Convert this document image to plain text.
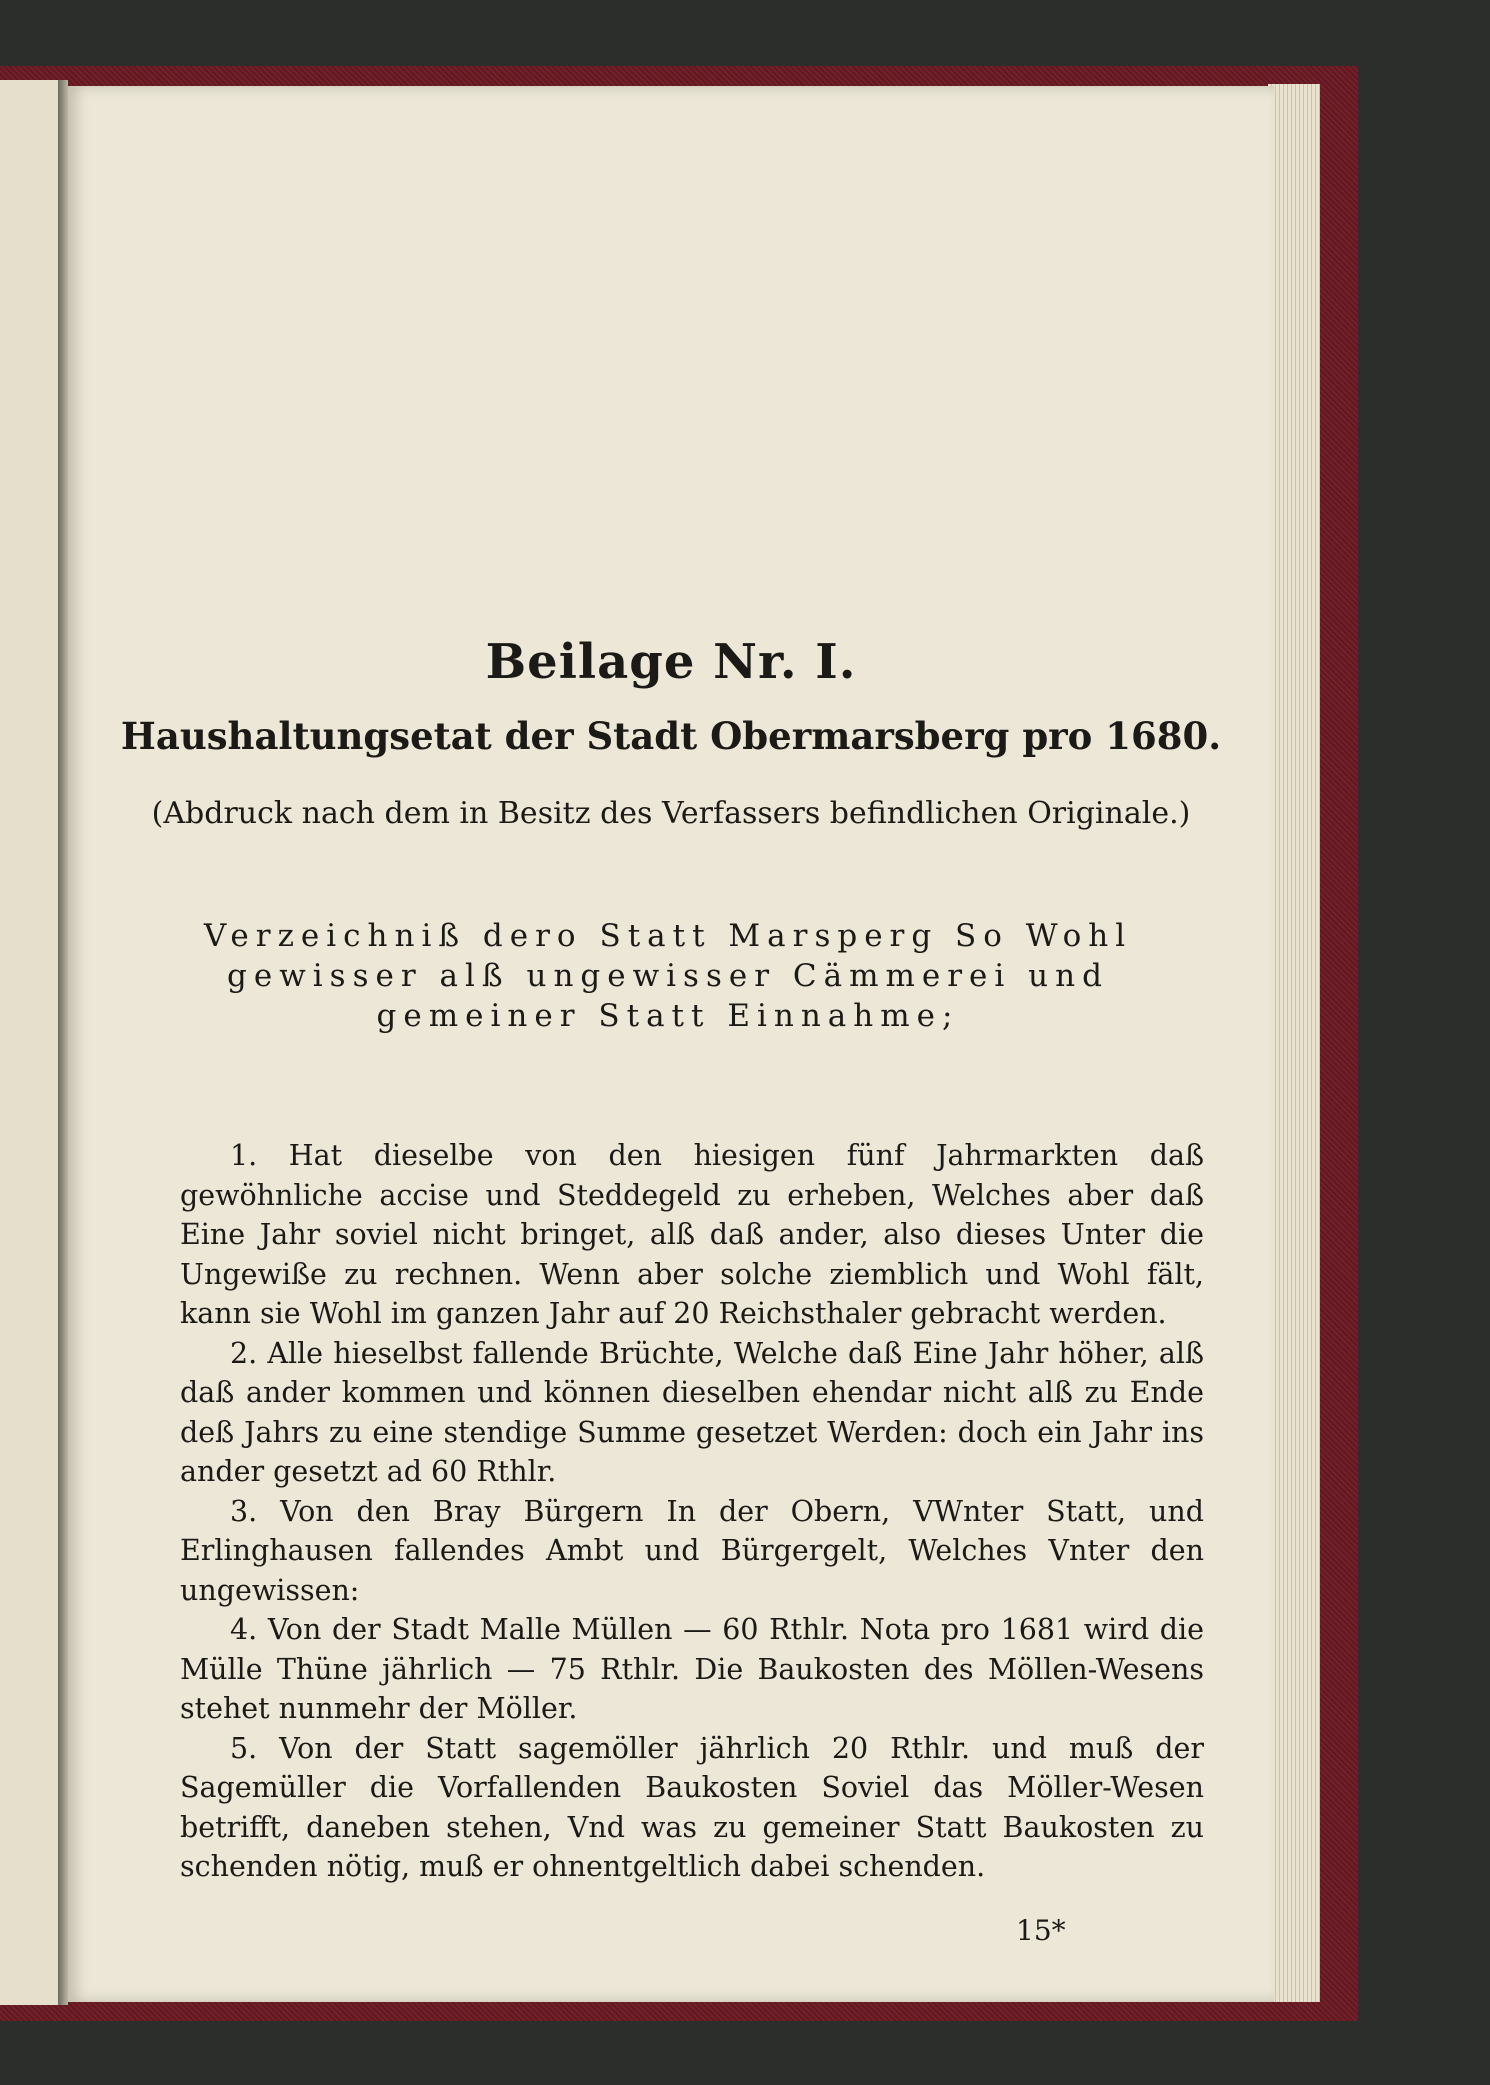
Beilage Nr. I.
Haushaltungsetat der Stadt Obermarsberg pro 1680.

(Abdruck nach dem in Besitz des Verfassers befindlichen Originale.)

Verzeichniß dero Statt Marsperg So Wohl gewisser alß ungewisser Cämmerei und gemeiner Statt Einnahme;

1. Hat dieselbe von den hiesigen fünf Jahrmarkten daß gewöhnliche accise und Steddegeld zu erheben, Welches aber daß Eine Jahr soviel nicht bringet, alß daß ander, also dieses Unter die Ungewiße zu rechnen. Wenn aber solche ziemblich und Wohl fält, kann sie Wohl im ganzen Jahr auf 20 Reichsthaler gebracht werden.

2. Alle hieselbst fallende Brüchte, Welche daß Eine Jahr höher, alß daß ander kommen und können dieselben ehendar nicht alß zu Ende deß Jahrs zu eine stendige Summe gesetzet Werden: doch ein Jahr ins ander gesetzt ad 60 Rthlr.

3. Von den Bray Bürgern In der Obern, VWnter Statt, und Erlinghausen fallendes Ambt und Bürgergelt, Welches Vnter den ungewissen:

4. Von der Stadt Malle Müllen — 60 Rthlr. Nota pro 1681 wird die Mülle Thüne jährlich — 75 Rthlr. Die Baukosten des Möllen-Wesens stehet nunmehr der Möller.

5. Von der Statt sagemöller jährlich 20 Rthlr. und muß der Sagemüller die Vorfallenden Baukosten Soviel das Möller-Wesen betrifft, daneben stehen, Vnd was zu gemeiner Statt Baukosten zu schenden nötig, muß er ohnentgeltlich dabei schenden.

15*
